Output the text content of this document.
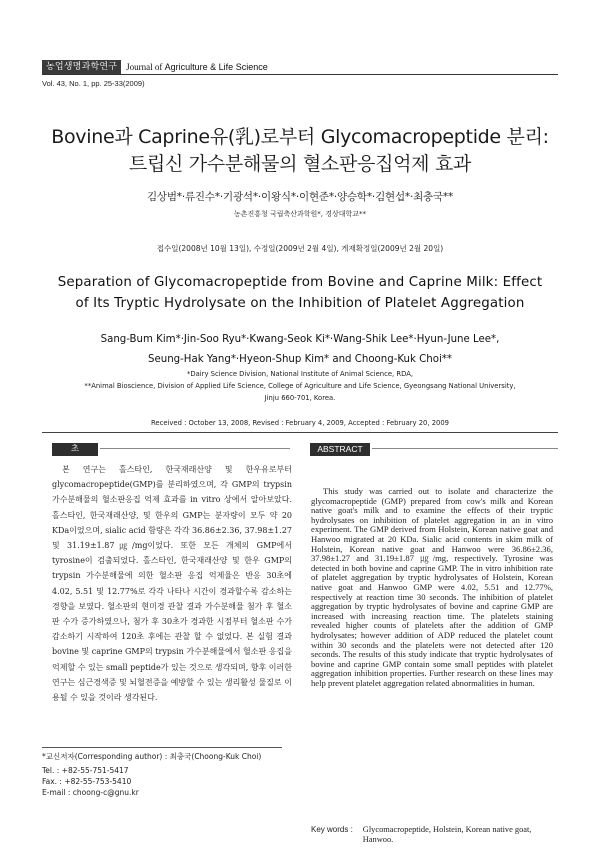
농업생명과학연구	Journal of Agriculture & Life Science
Vol. 43, No. 1, pp. 25-33(2009)
Bovine과 Caprine유(乳)로부터 Glycomacropeptide 분리:
트립신 가수분해물의 혈소판응집억제 효과
김상범*·류진수*·기광석*·이왕식*·이현준*·양승학*·김현섭*·최충국**
농촌진흥청 국립축산과학원*, 경상대학교**
접수일(2008년 10월 13일), 수정일(2009년 2월 4일), 게재확정일(2009년 2월 20일)
Separation of Glycomacropeptide from Bovine and Caprine Milk: Effect
of Its Tryptic Hydrolysate on the Inhibition of Platelet Aggregation
Sang-Bum Kim*·Jin-Soo Ryu*·Kwang-Seok Ki*·Wang-Shik Lee*·Hyun-June Lee*,
Seung-Hak Yang*·Hyeon-Shup Kim* and Choong-Kuk Choi**
*Dairy Science Division, National Institute of Animal Science, RDA,
**Animal Bioscience, Division of Applied Life Science, College of Agriculture and Life Science, Gyeongsang National University,
Jinju 660-701, Korea.
Received : October 13, 2008, Revised : February 4, 2009, Accepted : February 20, 2009
초 록
ABSTRACT

본 연구는 홀스타인, 한국재래산양 및 한우유로부터 glycomacropeptide(GMP)를 분리하였으며, 각 GMP의 trypsin 가수분해물의 혈소판응집 억제 효과를 in vitro 상에서 알아보았다. 홀스타인, 한국재래산양, 및 한우의 GMP는 분자량이 모두 약 20 KDa이었으며, sialic acid 함량은 각각 36.86±2.36, 37.98±1.27 및 31.19±1.87㎍/mg이었다. 또한 모든 개체의 GMP에서 tyrosine이 검출되었다. 홀스타인, 한국재래산양 및 한우 GMP의 trypsin 가수분해물에 의한 혈소판 응집 억제율은 반응 30초에 4.02, 5.51 및 12.77%로 각각 나타나 시간이 경과할수록 감소하는 경향을 보였다. 혈소판의 현미경 관찰 결과 가수분해물 첨가 후 혈소판 수가 증가하였으나, 첨가 후 30초가 경과한 시점부터 혈소판 수가 감소하기 시작하여 120초 후에는 관찰 할 수 없었다. 본 실험 결과 bovine 및 caprine GMP의 trypsin 가수분해물에서 혈소판 응집을 억제할 수 있는 small peptide가 있는 것으로 생각되며, 향후 이러한 연구는 심근경색증 및 뇌혈전증을 예방할 수 있는 생리활성 물질로 이용될 수 있을 것이라 생각된다.

This study was carried out to isolate and characterize the glycomacropeptide (GMP) prepared from cow's milk and Korean native goat's milk and to examine the effects of their tryptic hydrolysates on inhibition of platelet aggregation in an in vitro experiment. The GMP derived from Holstein, Korean native goat and Hanwoo migrated at 20 KDa. Sialic acid contents in skim milk of Holstein, Korean native goat and Hanwoo were 36.86±2.36, 37.98±1.27 and 31.19±1.87 ㎍/mg, respectively. Tyrosine was detected in both bovine and caprine GMP. The in vitro inhibition rate of platelet aggregation by tryptic hydrolysates of Holstein, Korean native goat and Hanwoo GMP were 4.02, 5.51 and 12.77%, respectively at reaction time 30 seconds. The inhibition of platelet aggregation by tryptic hydrolysates of bovine and caprine GMP are increased with increasing reaction time. The platelets staining revealed higher counts of platelets after the addition of GMP hydrolysates; however addition of ADP reduced the platelet count within 30 seconds and the platelets were not detected after 120 seconds. The results of this study indicate that tryptic hydrolysates of bovine and caprine GMP contain some small peptides with platelet aggregation inhibition properties. Further research on these lines may help prevent platelet aggregation related abnormalities in human.

Key words : Glycomacropeptide, Holstein, Korean native goat, Hanwoo.
*교신저자(Corresponding author) : 최충국(Choong-Kuk Choi)
Tel. : +82-55-751-5417
Fax. : +82-55-753-5410
E-mail : choong-c@gnu.kr
